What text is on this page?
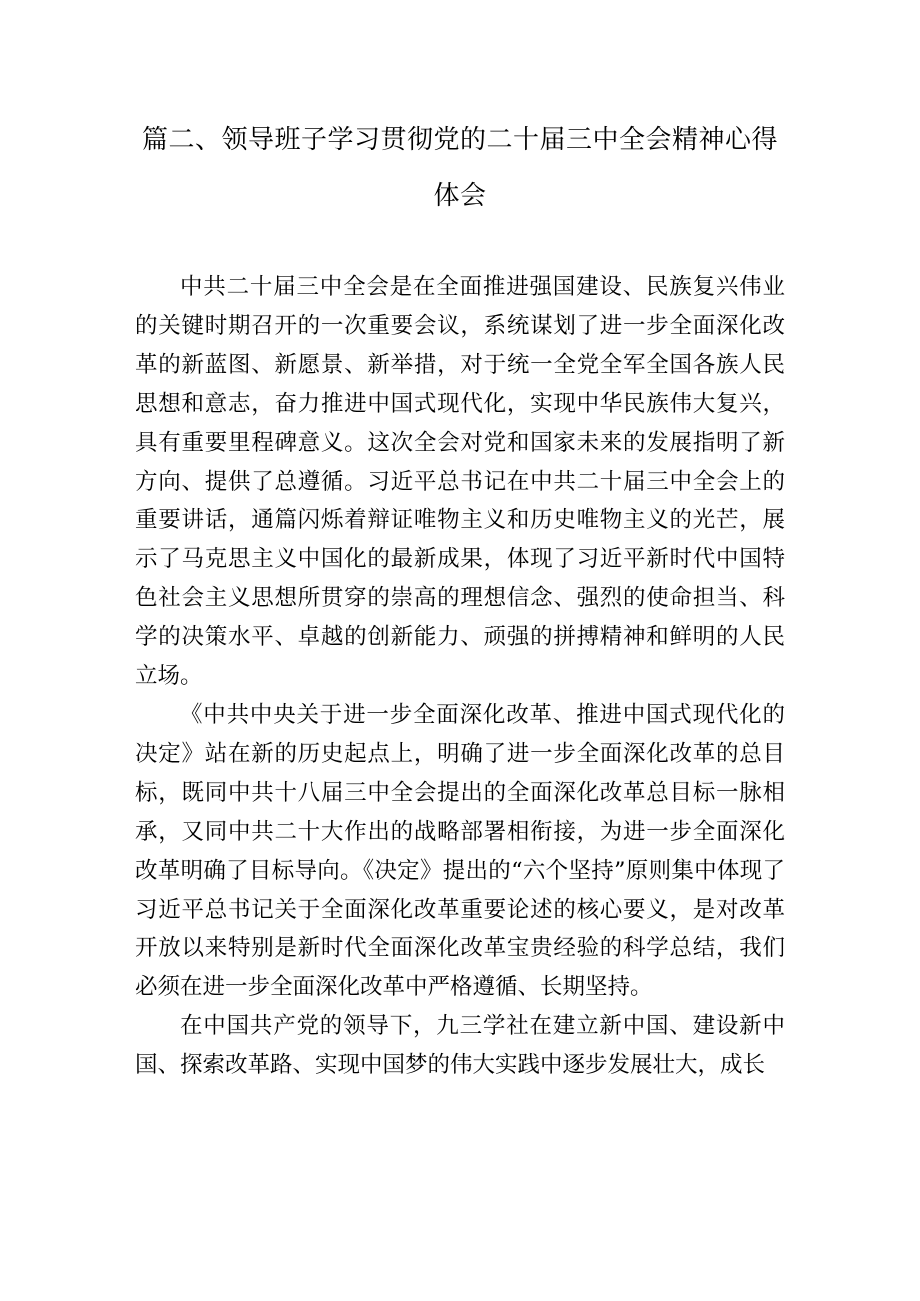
篇二、领导班子学习贯彻党的二十届三中全会精神心得体会

中共二十届三中全会是在全面推进强国建设、民族复兴伟业的关键时期召开的一次重要会议，系统谋划了进一步全面深化改革的新蓝图、新愿景、新举措，对于统一全党全军全国各族人民思想和意志，奋力推进中国式现代化，实现中华民族伟大复兴，具有重要里程碑意义。这次全会对党和国家未来的发展指明了新方向、提供了总遵循。习近平总书记在中共二十届三中全会上的重要讲话，通篇闪烁着辩证唯物主义和历史唯物主义的光芒，展示了马克思主义中国化的最新成果，体现了习近平新时代中国特色社会主义思想所贯穿的崇高的理想信念、强烈的使命担当、科学的决策水平、卓越的创新能力、顽强的拼搏精神和鲜明的人民立场。

《中共中央关于进一步全面深化改革、推进中国式现代化的决定》站在新的历史起点上，明确了进一步全面深化改革的总目标，既同中共十八届三中全会提出的全面深化改革总目标一脉相承，又同中共二十大作出的战略部署相衔接，为进一步全面深化改革明确了目标导向。《决定》提出的“六个坚持”原则集中体现了习近平总书记关于全面深化改革重要论述的核心要义，是对改革开放以来特别是新时代全面深化改革宝贵经验的科学总结，我们必须在进一步全面深化改革中严格遵循、长期坚持。

在中国共产党的领导下，九三学社在建立新中国、建设新中国、探索改革路、实现中国梦的伟大实践中逐步发展壮大，成长
